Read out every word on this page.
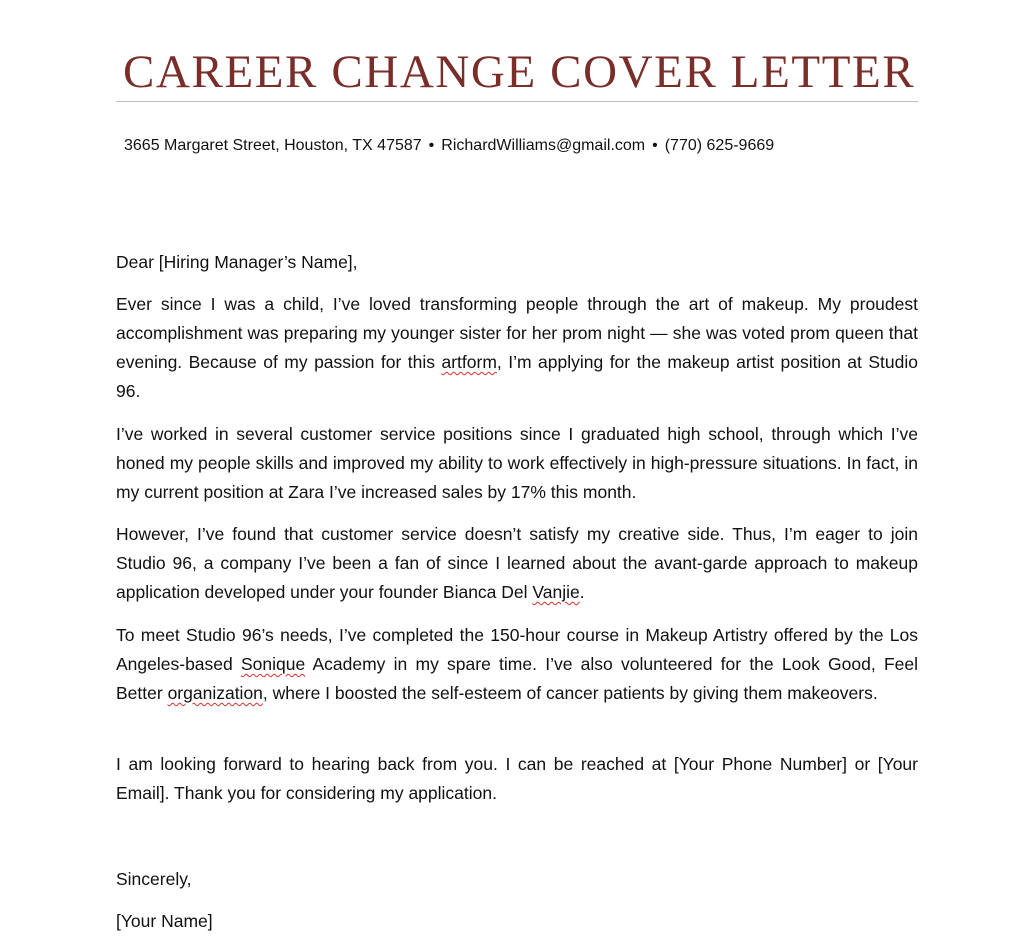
CAREER CHANGE COVER LETTER
3665 Margaret Street, Houston, TX 47587 • RichardWilliams@gmail.com • (770) 625-9669
Dear [Hiring Manager’s Name],
Ever since I was a child, I’ve loved transforming people through the art of makeup. My proudest accomplishment was preparing my younger sister for her prom night — she was voted prom queen that evening. Because of my passion for this artform, I’m applying for the makeup artist position at Studio 96.
I’ve worked in several customer service positions since I graduated high school, through which I’ve honed my people skills and improved my ability to work effectively in high-pressure situations. In fact, in my current position at Zara I’ve increased sales by 17% this month.
However, I’ve found that customer service doesn’t satisfy my creative side. Thus, I’m eager to join Studio 96, a company I’ve been a fan of since I learned about the avant-garde approach to makeup application developed under your founder Bianca Del Vanjie.
To meet Studio 96’s needs, I’ve completed the 150-hour course in Makeup Artistry offered by the Los Angeles-based Sonique Academy in my spare time. I’ve also volunteered for the Look Good, Feel Better organization, where I boosted the self-esteem of cancer patients by giving them makeovers.
I am looking forward to hearing back from you. I can be reached at [Your Phone Number] or [Your Email]. Thank you for considering my application.
Sincerely,
[Your Name]
